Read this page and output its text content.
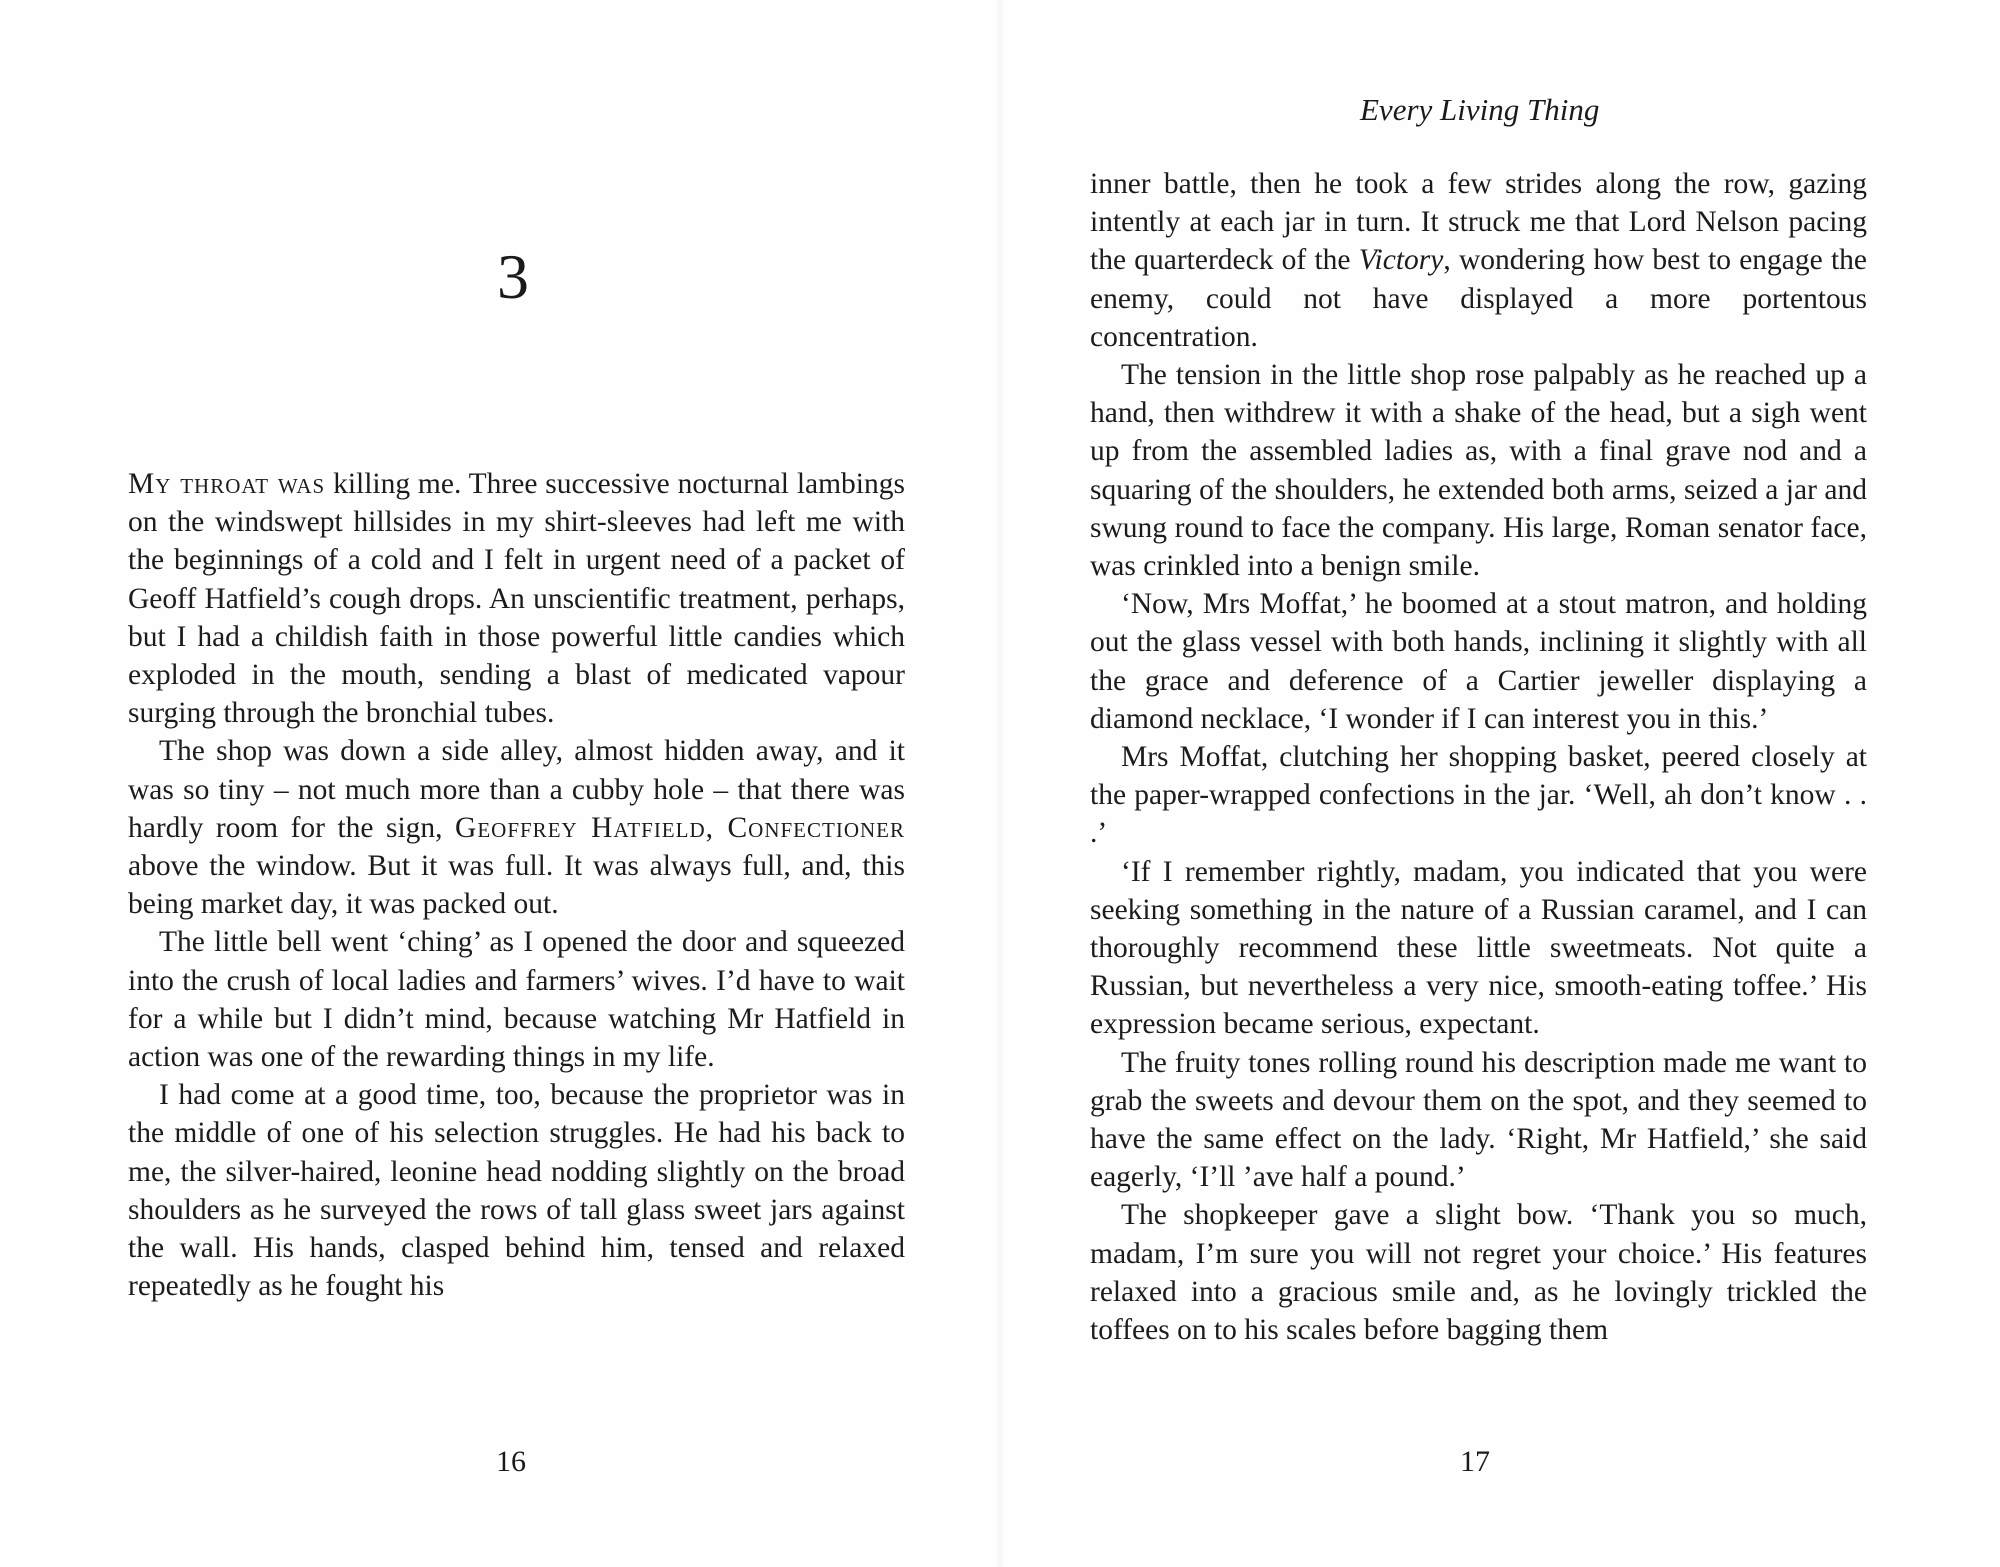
Every Living Thing
3

My throat was killing me. Three successive nocturnal lambings on the windswept hillsides in my shirt-sleeves had left me with the beginnings of a cold and I felt in urgent need of a packet of Geoff Hatfield’s cough drops. An unscientific treatment, perhaps, but I had a childish faith in those powerful little candies which exploded in the mouth, sending a blast of medicated vapour surging through the bronchial tubes.

The shop was down a side alley, almost hidden away, and it was so tiny – not much more than a cubby hole – that there was hardly room for the sign, Geoffrey Hatfield, Confectioner above the window. But it was full. It was always full, and, this being market day, it was packed out.

The little bell went ‘ching’ as I opened the door and squeezed into the crush of local ladies and farmers’ wives. I’d have to wait for a while but I didn’t mind, because watching Mr Hatfield in action was one of the rewarding things in my life.

I had come at a good time, too, because the proprietor was in the middle of one of his selection struggles. He had his back to me, the silver-haired, leonine head nodding slightly on the broad shoulders as he surveyed the rows of tall glass sweet jars against the wall. His hands, clasped behind him, tensed and relaxed repeatedly as he fought his

16

inner battle, then he took a few strides along the row, gazing intently at each jar in turn. It struck me that Lord Nelson pacing the quarterdeck of the Victory, wondering how best to engage the enemy, could not have displayed a more portentous concentration.

The tension in the little shop rose palpably as he reached up a hand, then withdrew it with a shake of the head, but a sigh went up from the assembled ladies as, with a final grave nod and a squaring of the shoulders, he extended both arms, seized a jar and swung round to face the company. His large, Roman senator face, was crinkled into a benign smile.

‘Now, Mrs Moffat,’ he boomed at a stout matron, and holding out the glass vessel with both hands, inclining it slightly with all the grace and deference of a Cartier jeweller displaying a diamond necklace, ‘I wonder if I can interest you in this.’

Mrs Moffat, clutching her shopping basket, peered closely at the paper-wrapped confections in the jar. ‘Well, ah don’t know . . .’

‘If I remember rightly, madam, you indicated that you were seeking something in the nature of a Russian caramel, and I can thoroughly recommend these little sweetmeats. Not quite a Russian, but nevertheless a very nice, smooth-eating toffee.’ His expression became serious, expectant.

The fruity tones rolling round his description made me want to grab the sweets and devour them on the spot, and they seemed to have the same effect on the lady. ‘Right, Mr Hatfield,’ she said eagerly, ‘I’ll ’ave half a pound.’

The shopkeeper gave a slight bow. ‘Thank you so much, madam, I’m sure you will not regret your choice.’ His features relaxed into a gracious smile and, as he lovingly trickled the toffees on to his scales before bagging them

17
